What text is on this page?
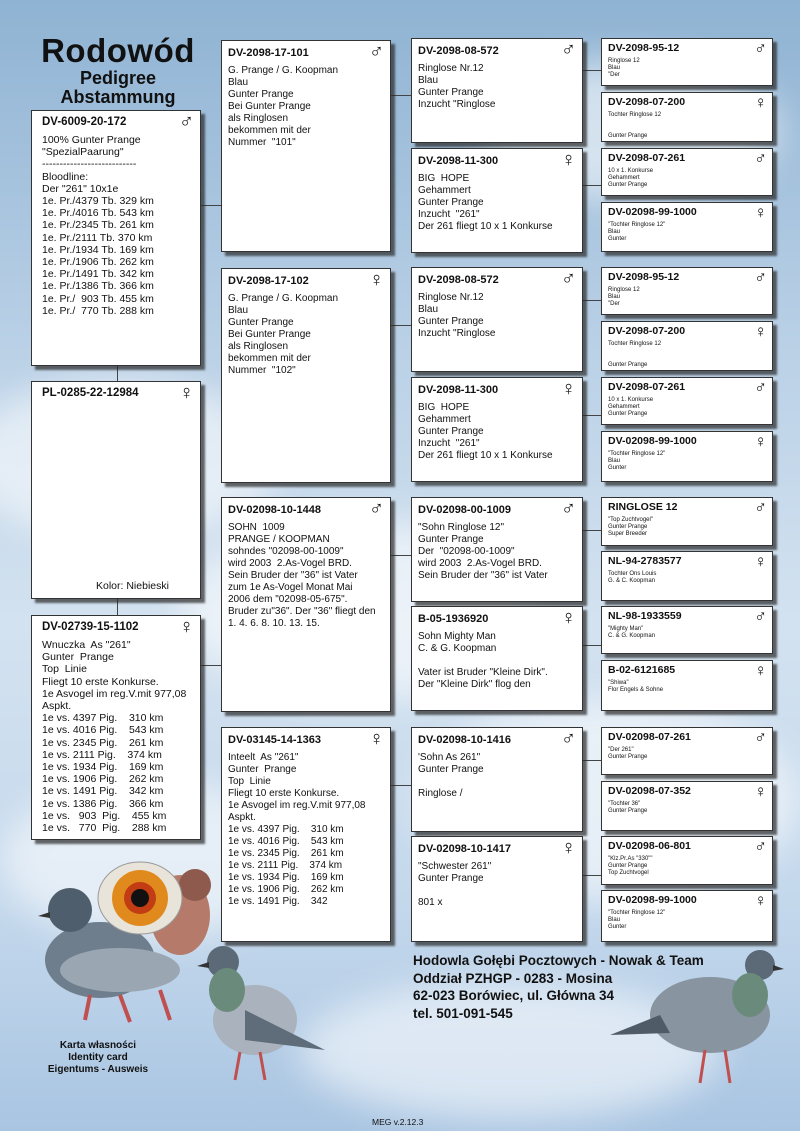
Rodowód
Pedigree
Abstammung
DV-6009-20-172	♂
100% Gunter Prange
"SpezialPaarung"
---------------------------
Bloodline:
Der "261" 10x1e
1e. Pr./4379 Tb. 329 km
1e. Pr./4016 Tb. 543 km
1e. Pr./2345 Tb. 261 km
1e. Pr./2111 Tb. 370 km
1e. Pr./1934 Tb. 169 km
1e. Pr./1906 Tb. 262 km
1e. Pr./1491 Tb. 342 km
1e. Pr./1386 Tb. 366 km
1e. Pr./  903 Tb. 455 km
1e. Pr./  770 Tb. 288 km
PL-0285-22-12984 ♀
Kolor: Niebieski
DV-02739-15-1102 ♀
Wnuczka  As "261"
Gunter  Prange
Top  Linie
Fliegt 10 erste Konkurse.
1e Asvogel im reg.V.mit 977,08
Aspkt.
1e vs. 4397 Pig.    310 km
1e vs. 4016 Pig.    543 km
1e vs. 2345 Pig.    261 km
1e vs. 2111 Pig.    374 km
1e vs. 1934 Pig.    169 km
1e vs. 1906 Pig.    262 km
1e vs. 1491 Pig.    342 km
1e vs. 1386 Pig.    366 km
1e vs.   903  Pig.    455 km
1e vs.   770  Pig.    288 km
DV-2098-17-101	♂
G. Prange / G. Koopman
Blau
Gunter Prange
Bei Gunter Prange
als Ringlosen
bekommen mit der
Nummer  "101"
DV-2098-17-102	♀
G. Prange / G. Koopman
Blau
Gunter Prange
Bei Gunter Prange
als Ringlosen
bekommen mit der
Nummer  "102"
DV-02098-10-1448 ♂
SOHN  1009
PRANGE / KOOPMAN
sohndes "02098-00-1009"
wird 2003  2.As-Vogel BRD.
Sein Bruder der "36" ist Vater
zum 1e As-Vogel Monat Mai
2006 dem "02098-05-675".
Bruder zu"36". Der "36" fliegt den
1. 4. 6. 8. 10. 13. 15.
DV-03145-14-1363 ♀
Inteelt  As "261"
Gunter  Prange
Top  Linie
Fliegt 10 erste Konkurse.
1e Asvogel im reg.V.mit 977,08
Aspkt.
1e vs. 4397 Pig.    310 km
1e vs. 4016 Pig.    543 km
1e vs. 2345 Pig.    261 km
1e vs. 2111 Pig.    374 km
1e vs. 1934 Pig.    169 km
1e vs. 1906 Pig.    262 km
1e vs. 1491 Pig.    342
DV-2098-08-572	♂
Ringlose Nr.12
Blau
Gunter Prange
Inzucht "Ringlose
DV-2098-11-300	♀
BIG  HOPE
Gehammert
Gunter Prange
Inzucht  "261"
Der 261 fliegt 10 x 1 Konkurse
DV-2098-08-572	♂
Ringlose Nr.12
Blau
Gunter Prange
Inzucht "Ringlose
DV-2098-11-300	♀
BIG  HOPE
Gehammert
Gunter Prange
Inzucht  "261"
Der 261 fliegt 10 x 1 Konkurse
DV-02098-00-1009	♂
"Sohn Ringlose 12"
Gunter Prange
Der  "02098-00-1009"
wird 2003  2.As-Vogel BRD.
Sein Bruder der "36" ist Vater
B-05-1936920	♀
Sohn Mighty Man
C. & G. Koopman

Vater ist Bruder "Kleine Dirk".
Der "Kleine Dirk" flog den
DV-02098-10-1416	♂
'Sohn As 261"
Gunter Prange

Ringlose /
DV-02098-10-1417	♀
"Schwester 261"
Gunter Prange

801 x
DV-2098-95-12	♂
Ringlose 12
Blau
"Der
DV-2098-07-200	♀
Tochter Ringlose 12

Gunter Prange
DV-2098-07-261	♂
10 x 1. Konkurse
Gehammert
Gunter Prange
DV-02098-99-1000	♀
"Tochter Ringlose 12"
Blau
Gunter
DV-2098-95-12	♂
Ringlose 12
Blau
"Der
DV-2098-07-200	♀
Tochter Ringlose 12

Gunter Prange
DV-2098-07-261	♂
10 x 1. Konkurse
Gehammert
Gunter Prange
DV-02098-99-1000	♀
"Tochter Ringlose 12"
Blau
Gunter
RINGLOSE 12	♂
"Top Zuchtvogel"
Gunter Prange
Super Breeder
NL-94-2783577	♀
Tochter Ons Louis
G. & C. Koopman
NL-98-1933559	♂
"Mighty Man"
C. & G. Koopman
B-02-6121685	♀
"Shiwa"
Flor Engels & Sohne
DV-02098-07-261	♂
"Der 261"
Gunter Prange
DV-02098-07-352	♀
"Tochter 36"
Gunter Prange
DV-02098-06-801	♂
"Klz.Pr.As "330""
Gunter Prange
Top Zuchtvogel
DV-02098-99-1000	♀
"Tochter Ringlose 12"
Blau
Gunter
Hodowla Gołębi Pocztowych - Nowak & Team
Oddział PZHGP - 0283 - Mosina
62-023 Borówiec, ul. Główna 34
tel. 501-091-545
Karta własności
Identity card
Eigentums - Ausweis
MEG v.2.12.3
